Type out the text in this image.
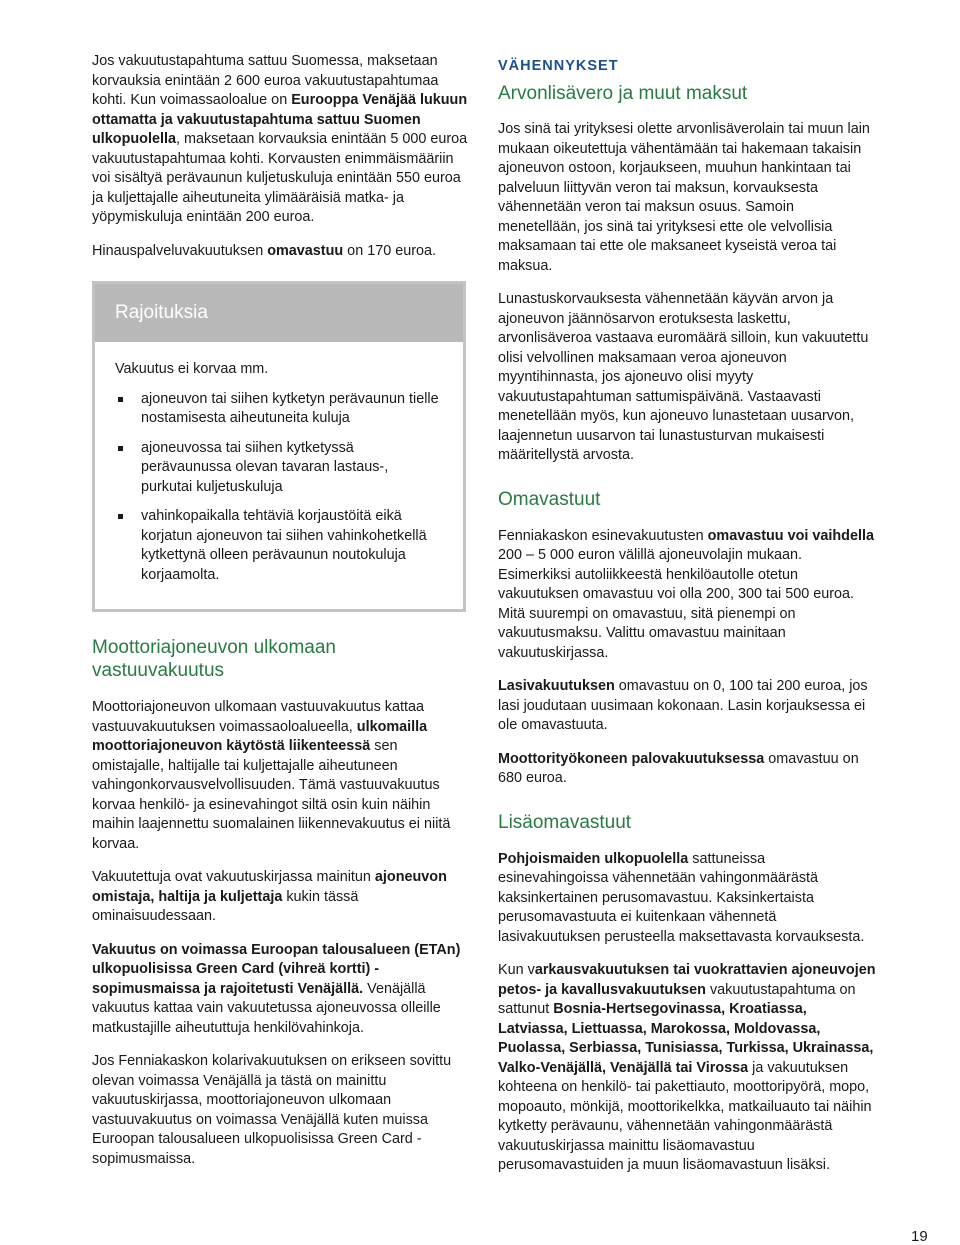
Jos vakuutustapahtuma sattuu Suomessa, maksetaan korvauksia enintään 2 600 euroa vakuutustapahtumaa kohti. Kun voimassaoloalue on Eurooppa Venäjää lukuun ottamatta ja vakuutustapahtuma sattuu Suomen ulkopuolella, maksetaan korvauksia enintään 5 000 euroa vakuutustapahtumaa kohti. Korvausten enimmäismääriin voi sisältyä perävaunun kuljetuskuluja enintään 550 euroa ja kuljettajalle aiheutuneita ylimääräisiä matka- ja yöpymiskuluja enintään 200 euroa.

Hinauspalveluvakuutuksen omavastuu on 170 euroa.

Rajoituksia

Vakuutus ei korvaa mm.

ajoneuvon tai siihen kytketyn perävaunun tielle nostamisesta aiheutuneita kuluja
ajoneuvossa tai siihen kytketyssä perävaunussa olevan tavaran lastaus-, purkutai kuljetuskuluja
vahinkopaikalla tehtäviä korjaustöitä eikä korjatun ajoneuvon tai siihen vahinkohetkellä kytkettynä olleen perävaunun noutokuluja korjaamolta.
Moottoriajoneuvon ulkomaan vastuuvakuutus

Moottoriajoneuvon ulkomaan vastuuvakuutus kattaa vastuuvakuutuksen voimassaoloalueella, ulkomailla moottoriajoneuvon käytöstä liikenteessä sen omistajalle, haltijalle tai kuljettajalle aiheutuneen vahingonkorvausvelvollisuuden. Tämä vastuuvakuutus korvaa henkilö- ja esinevahingot siltä osin kuin näihin maihin laajennettu suomalainen liikennevakuutus ei niitä korvaa.

Vakuutettuja ovat vakuutuskirjassa mainitun ajoneuvon omistaja, haltija ja kuljettaja kukin tässä ominaisuudessaan.

Vakuutus on voimassa Euroopan talousalueen (ETAn) ulkopuolisissa Green Card (vihreä kortti) -sopimusmaissa ja rajoitetusti Venäjällä. Venäjällä vakuutus kattaa vain vakuutetussa ajoneuvossa olleille matkustajille aiheututtuja henkilövahinkoja.

Jos Fenniakaskon kolarivakuutuksen on erikseen sovittu olevan voimassa Venäjällä ja tästä on mainittu vakuutuskirjassa, moottoriajoneuvon ulkomaan vastuuvakuutus on voimassa Venäjällä kuten muissa Euroopan talousalueen ulkopuolisissa Green Card -sopimusmaissa.

VÄHENNYKSET

Arvonlisävero ja muut maksut

Jos sinä tai yrityksesi olette arvonlisäverolain tai muun lain mukaan oikeutettuja vähentämään tai hakemaan takaisin ajoneuvon ostoon, korjaukseen, muuhun hankintaan tai palveluun liittyvän veron tai maksun, korvauksesta vähennetään veron tai maksun osuus. Samoin menetellään, jos sinä tai yrityksesi ette ole velvollisia maksamaan tai ette ole maksaneet kyseistä veroa tai maksua.

Lunastuskorvauksesta vähennetään käyvän arvon ja ajoneuvon jäännösarvon erotuksesta laskettu, arvonlisäveroa vastaava euromäärä silloin, kun vakuutettu olisi velvollinen maksamaan veroa ajoneuvon myyntihinnasta, jos ajoneuvo olisi myyty vakuutustapahtuman sattumispäivänä. Vastaavasti menetellään myös, kun ajoneuvo lunastetaan uusarvon, laajennetun uusarvon tai lunastusturvan mukaisesti määritellystä arvosta.

Omavastuut

Fenniakaskon esinevakuutusten omavastuu voi vaihdella 200 – 5 000 euron välillä ajoneuvolajin mukaan. Esimerkiksi autoliikkeestä henkilöautolle otetun vakuutuksen omavastuu voi olla 200, 300 tai 500 euroa. Mitä suurempi on omavastuu, sitä pienempi on vakuutusmaksu. Valittu omavastuu mainitaan vakuutuskirjassa.

Lasivakuutuksen omavastuu on 0, 100 tai 200 euroa, jos lasi joudutaan uusimaan kokonaan. Lasin korjauksessa ei ole omavastuuta.

Moottorityökoneen palovakuutuksessa omavastuu on 680 euroa.

Lisäomavastuut

Pohjoismaiden ulkopuolella sattuneissa esinevahingoissa vähennetään vahingonmäärästä kaksinkertainen perusomavastuu. Kaksinkertaista perusomavastuuta ei kuitenkaan vähennetä lasivakuutuksen perusteella maksettavasta korvauksesta.

Kun varkausvakuutuksen tai vuokrattavien ajoneuvojen petos- ja kavallusvakuutuksen vakuutustapahtuma on sattunut Bosnia-Hertsegovinassa, Kroatiassa, Latviassa, Liettuassa, Marokossa, Moldovassa, Puolassa, Serbiassa, Tunisiassa, Turkissa, Ukrainassa, Valko-Venäjällä, Venäjällä tai Virossa ja vakuutuksen kohteena on henkilö- tai pakettiauto, moottoripyörä, mopo, mopoauto, mönkijä, moottorikelkka, matkailuauto tai näihin kytketty perävaunu, vähennetään vahingonmäärästä vakuutuskirjassa mainittu lisäomavastuu perusomavastuiden ja muun lisäomavastuun lisäksi.

19
